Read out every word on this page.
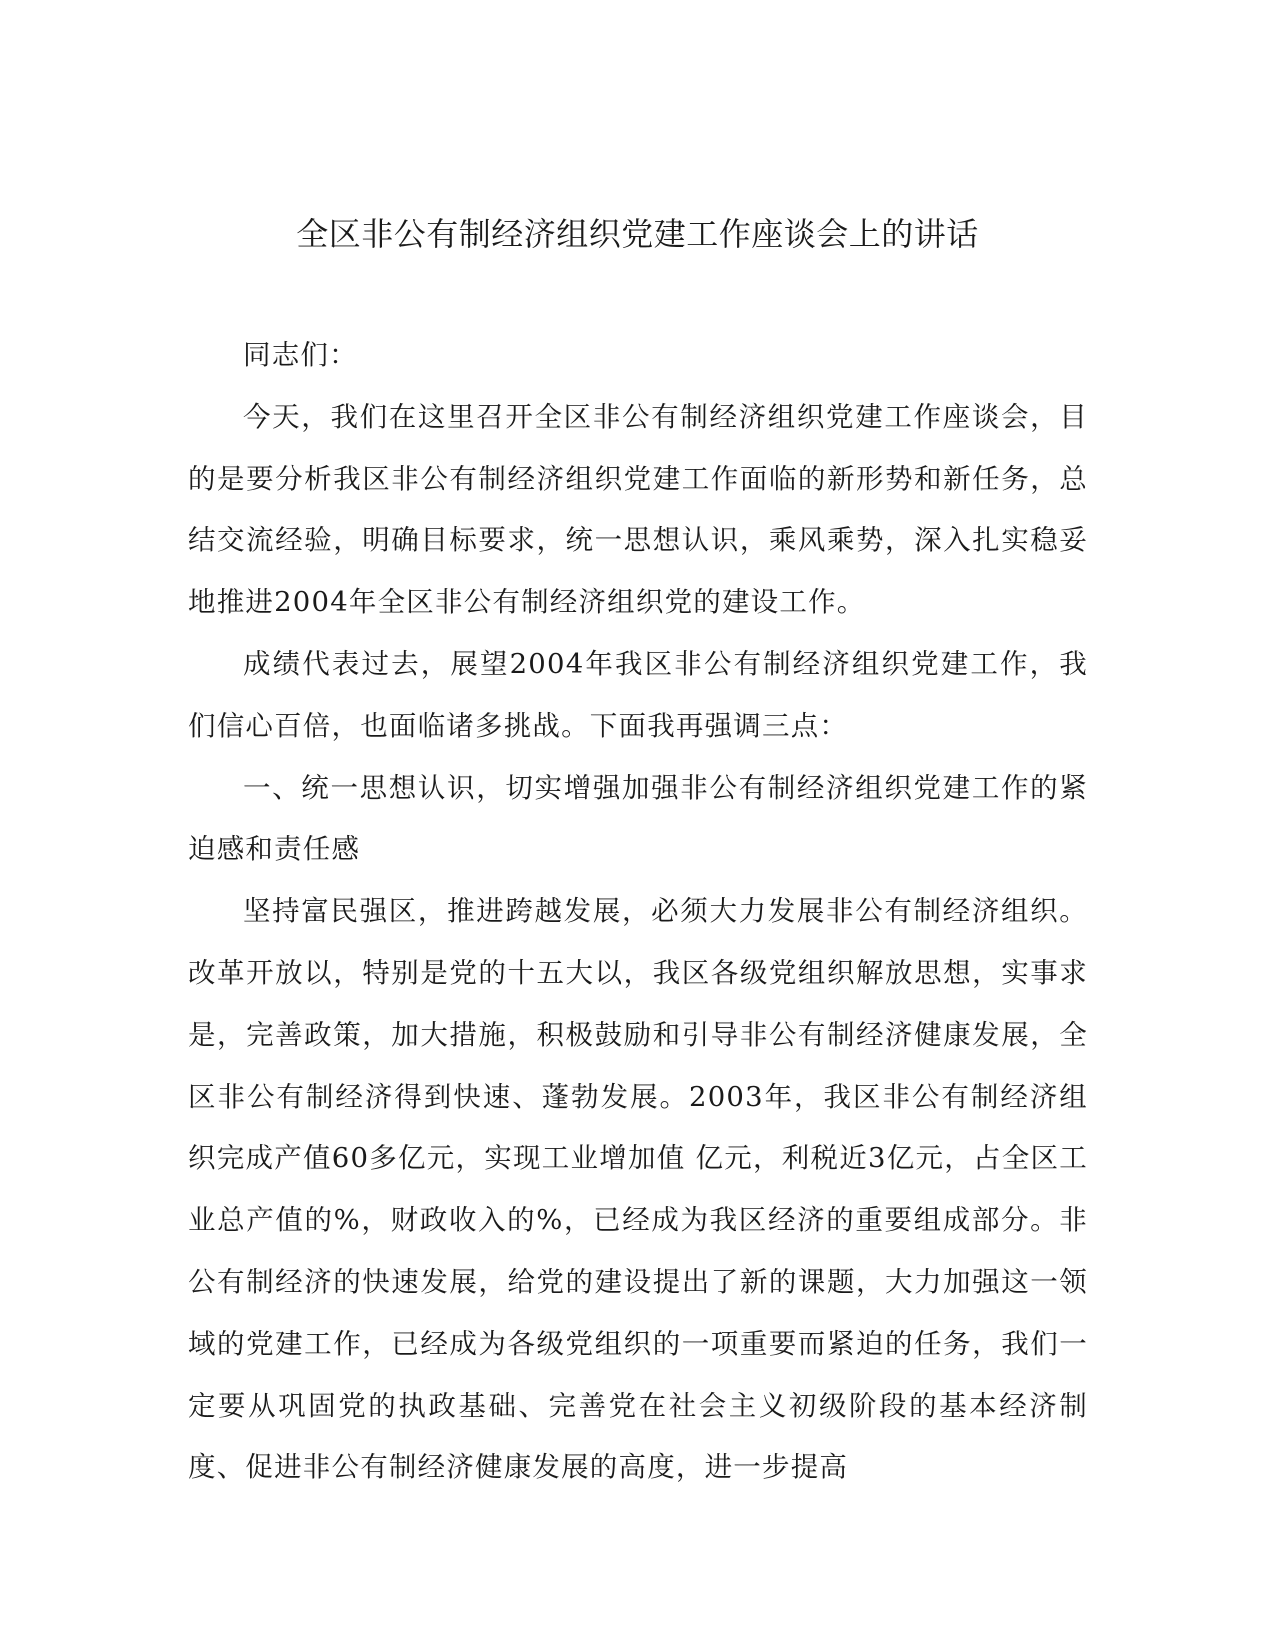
全区非公有制经济组织党建工作座谈会上的讲话

同志们：

今天，我们在这里召开全区非公有制经济组织党建工作座谈会，目的是要分析我区非公有制经济组织党建工作面临的新形势和新任务，总结交流经验，明确目标要求，统一思想认识，乘风乘势，深入扎实稳妥地推进2004年全区非公有制经济组织党的建设工作。

成绩代表过去，展望2004年我区非公有制经济组织党建工作，我们信心百倍，也面临诸多挑战。下面我再强调三点：

一、统一思想认识，切实增强加强非公有制经济组织党建工作的紧迫感和责任感

坚持富民强区，推进跨越发展，必须大力发展非公有制经济组织。改革开放以，特别是党的十五大以，我区各级党组织解放思想，实事求是，完善政策，加大措施，积极鼓励和引导非公有制经济健康发展，全区非公有制经济得到快速、蓬勃发展。2003年，我区非公有制经济组织完成产值60多亿元，实现工业增加值 亿元，利税近3亿元，占全区工业总产值的%，财政收入的%，已经成为我区经济的重要组成部分。非公有制经济的快速发展，给党的建设提出了新的课题，大力加强这一领域的党建工作，已经成为各级党组织的一项重要而紧迫的任务，我们一定要从巩固党的执政基础、完善党在社会主义初级阶段的基本经济制度、促进非公有制经济健康发展的高度，进一步提高
